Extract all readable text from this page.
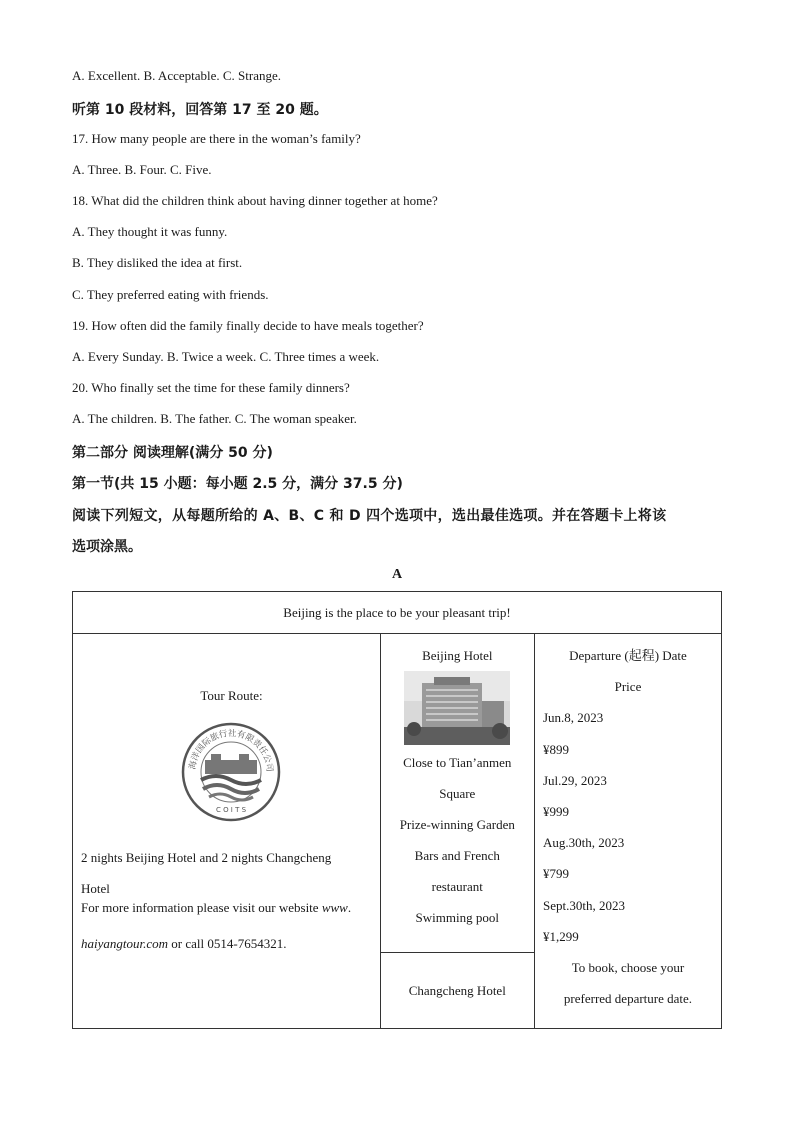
A. Excellent. B. Acceptable. C. Strange.
听第 10 段材料，回答第 17 至 20 题。
17. How many people are there in the woman’s family?
A. Three. B. Four. C. Five.
18. What did the children think about having dinner together at home?
A. They thought it was funny.
B. They disliked the idea at first.
C. They preferred eating with friends.
19. How often did the family finally decide to have meals together?
A. Every Sunday. B. Twice a week. C. Three times a week.
20. Who finally set the time for these family dinners?
A. The children. B. The father. C. The woman speaker.
第二部分 阅读理解(满分 50 分)
第一节(共 15 小题：每小题 2.5 分，满分 37.5 分)
阅读下列短文，从每题所给的 A、B、C 和 D 四个选项中，选出最佳选项。并在答题卡上将该
选项涂黑。
A
Beijing is the place to be your pleasant trip!

Tour Route:
海洋国际旅行社有限责任公司
C O I T S
2 nights Beijing Hotel and 2 nights Changcheng
Hotel
For more information please visit our website www.
haiyangtour.com or call 0514-7654321.

Beijing Hotel
Close to Tian’anmen
Square
Prize-winning Garden
Bars and French
restaurant
Swimming pool

Departure (起程) Date
Price
Jun.8, 2023
¥899
Jul.29, 2023
¥999
Aug.30th, 2023
¥799
Sept.30th, 2023
¥1,299
To book, choose your
preferred departure date.

Changcheng Hotel
